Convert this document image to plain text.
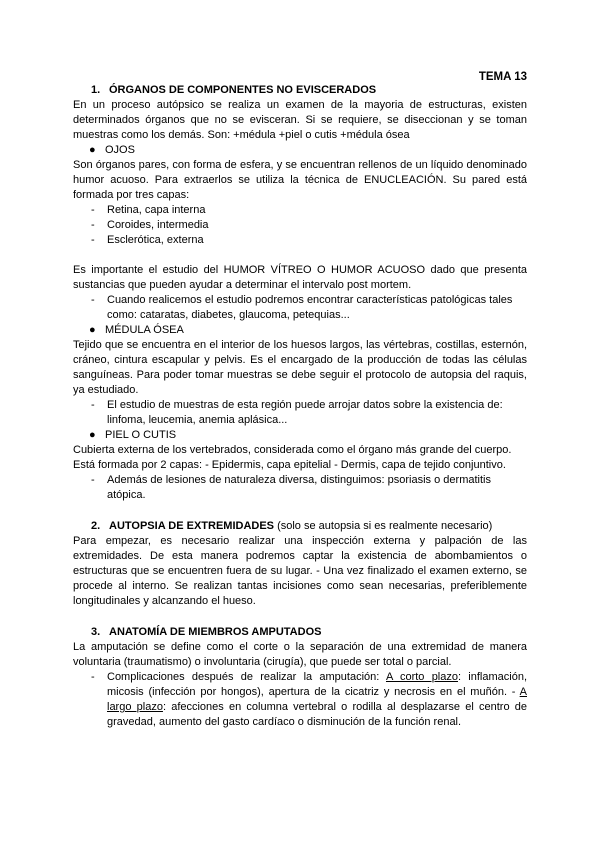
TEMA 13
1. ÓRGANOS DE COMPONENTES NO EVISCERADOS

En un proceso autópsico se realiza un examen de la mayoria de estructuras, existen determinados órganos que no se evisceran. Si se requiere, se diseccionan y se toman muestras como los demás. Son: +médula +piel o cutis +médula ósea

● OJOS

Son órganos pares, con forma de esfera, y se encuentran rellenos de un líquido denominado humor acuoso. Para extraerlos se utiliza la técnica de ENUCLEACIÓN. Su pared está formada por tres capas:

- Retina, capa interna
- Coroides, intermedia
- Esclerótica, externa

Es importante el estudio del HUMOR VÍTREO O HUMOR ACUOSO dado que presenta sustancias que pueden ayudar a determinar el intervalo post mortem.

- Cuando realicemos el estudio podremos encontrar características patológicas tales como: cataratas, diabetes, glaucoma, petequias...
● MÉDULA ÓSEA

Tejido que se encuentra en el interior de los huesos largos, las vértebras, costillas, esternón, cráneo, cintura escapular y pelvis. Es el encargado de la producción de todas las células sanguíneas. Para poder tomar muestras se debe seguir el protocolo de autopsia del raquis, ya estudiado.

- El estudio de muestras de esta región puede arrojar datos sobre la existencia de: linfoma, leucemia, anemia aplásica...
● PIEL O CUTIS

Cubierta externa de los vertebrados, considerada como el órgano más grande del cuerpo.

Está formada por 2 capas: - Epidermis, capa epitelial - Dermis, capa de tejido conjuntivo.

- Además de lesiones de naturaleza diversa, distinguimos: psoriasis o dermatitis atópica.
2. AUTOPSIA DE EXTREMIDADES (solo se autopsia si es realmente necesario)

Para empezar, es necesario realizar una inspección externa y palpación de las extremidades. De esta manera podremos captar la existencia de abombamientos o estructuras que se encuentren fuera de su lugar. - Una vez finalizado el examen externo, se procede al interno. Se realizan tantas incisiones como sean necesarias, preferiblemente longitudinales y alcanzando el hueso.

3. ANATOMÍA DE MIEMBROS AMPUTADOS

La amputación se define como el corte o la separación de una extremidad de manera voluntaria (traumatismo) o involuntaria (cirugía), que puede ser total o parcial.

- Complicaciones después de realizar la amputación: A corto plazo: inflamación, micosis (infección por hongos), apertura de la cicatriz y necrosis en el muñón. - A largo plazo: afecciones en columna vertebral o rodilla al desplazarse el centro de gravedad, aumento del gasto cardíaco o disminución de la función renal.
